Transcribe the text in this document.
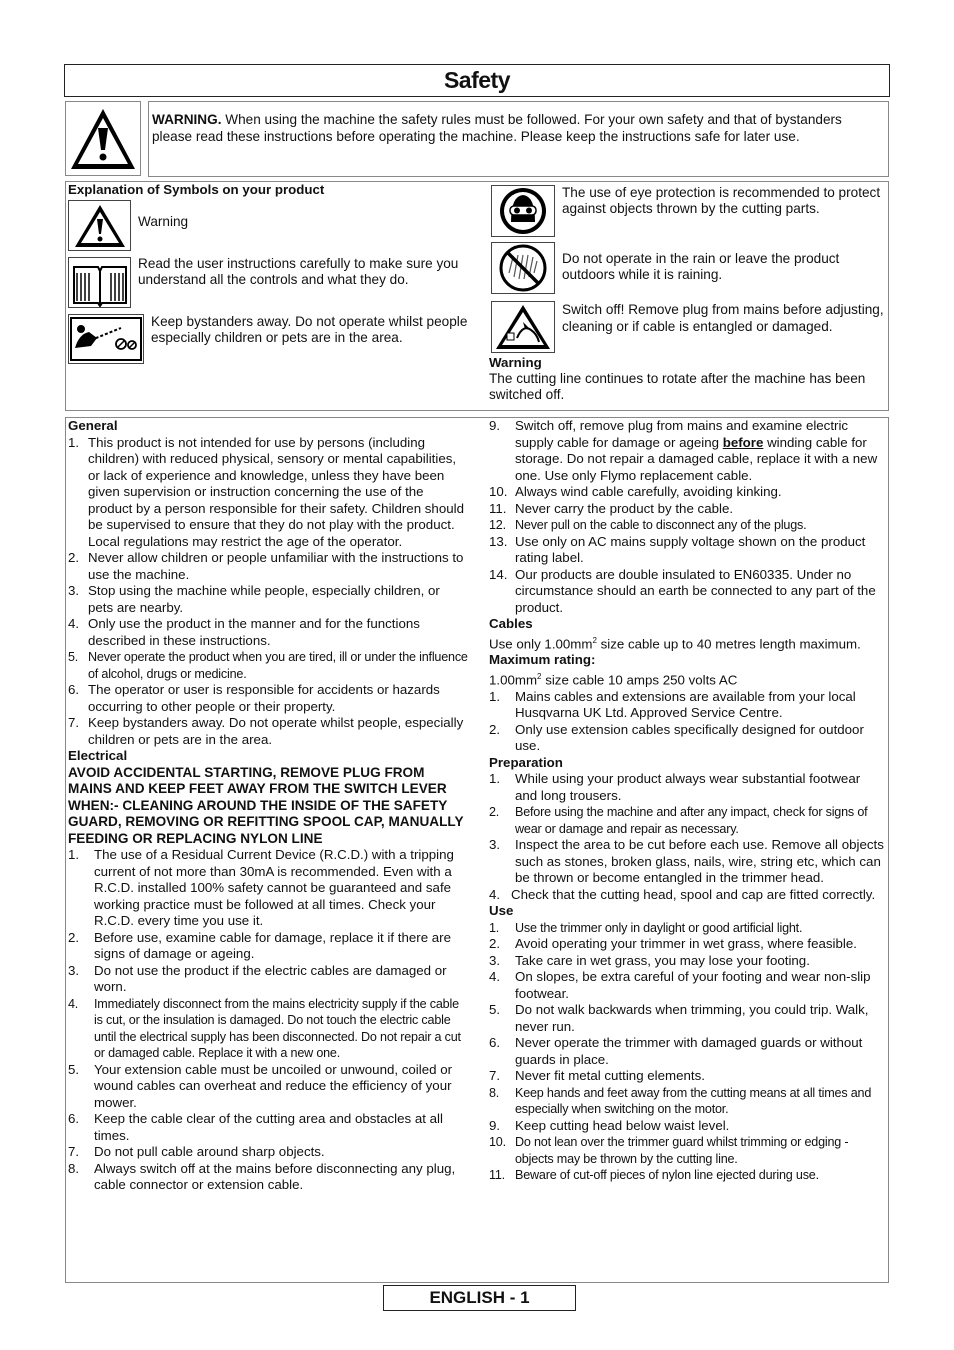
Safety
WARNING. When using the machine the safety rules must be followed. For your own safety and that of bystanders please read these instructions before operating the machine. Please keep the instructions safe for later use.
Explanation of Symbols on your product
Warning
Read the user instructions carefully to make sure you understand all the controls and what they do.
Keep bystanders away. Do not operate whilst people especially children or pets are in the area.
The use of eye protection is recommended to protect against objects thrown by the cutting parts.
Do not operate in the rain or leave the product outdoors while it is raining.
Switch off! Remove plug from mains before adjusting, cleaning or if cable is entangled or damaged.
Warning
The cutting line continues to rotate after the machine has been switched off.
General
1. This product is not intended for use by persons (including children) with reduced physical, sensory or mental capabilities, or lack of experience and knowledge, unless they have been given supervision or instruction concerning the use of the product by a person responsible for their safety. Children should be supervised to ensure that they do not play with the product. Local regulations may restrict the age of the operator.
2. Never allow children or people unfamiliar with the instructions to use the machine.
3. Stop using the machine while people, especially children, or pets are nearby.
4. Only use the product in the manner and for the functions described in these instructions.
5. Never operate the product when you are tired, ill or under the influence of alcohol, drugs or medicine.
6. The operator or user is responsible for accidents or hazards occurring to other people or their property.
7. Keep bystanders away. Do not operate whilst people, especially children or pets are in the area.
Electrical
AVOID ACCIDENTAL STARTING, REMOVE PLUG FROM MAINS AND KEEP FEET AWAY FROM THE SWITCH LEVER WHEN:- CLEANING AROUND THE INSIDE OF THE SAFETY GUARD, REMOVING OR REFITTING SPOOL CAP, MANUALLY FEEDING OR REPLACING NYLON LINE
1.	The use of a Residual Current Device (R.C.D.) with a tripping current of not more than 30mA is recommended. Even with a R.C.D. installed 100% safety cannot be guaranteed and safe working practice must be followed at all times. Check your R.C.D. every time you use it.
2.	Before use, examine cable for damage, replace it if there are signs of damage or ageing.
3.	Do not use the product if the electric cables are damaged or worn.
4.	Immediately disconnect from the mains electricity supply if the cable is cut, or the insulation is damaged. Do not touch the electric cable until the electrical supply has been disconnected. Do not repair a cut or damaged cable. Replace it with a new one.
5.	Your extension cable must be uncoiled or unwound, coiled or wound cables can overheat and reduce the efficiency of your mower.
6.	Keep the cable clear of the cutting area and obstacles at all times.
7.	Do not pull cable around sharp objects.
8.	Always switch off at the mains before disconnecting any plug, cable connector or extension cable.
9.	Switch off, remove plug from mains and examine electric supply cable for damage or ageing before winding cable for storage. Do not repair a damaged cable, replace it with a new one. Use only Flymo replacement cable.
10. Always wind cable carefully, avoiding kinking.
11. Never carry the product by the cable.
12. Never pull on the cable to disconnect any of the plugs.
13. Use only on AC mains supply voltage shown on the product rating label.
14. Our products are double insulated to EN60335. Under no circumstance should an earth be connected to any part of the product.
Cables
Use only $1.00mm^2$ size cable up to 40 metres length maximum.
Maximum rating:
$1.00mm^2$ size cable 10 amps 250 volts AC
1.	Mains cables and extensions are available from your local Husqvarna UK Ltd. Approved Service Centre.
2.	Only use extension cables specifically designed for outdoor use.
Preparation
1.	While using your product always wear substantial footwear and long trousers.
2.	Before using the machine and after any impact, check for signs of wear or damage and repair as necessary.
3.	Inspect the area to be cut before each use. Remove all objects such as stones, broken glass, nails, wire, string etc, which can be thrown or become entangled in the trimmer head.
4. Check that the cutting head, spool and cap are fitted correctly.
Use
1.	Use the trimmer only in daylight or good artificial light.
2.	Avoid operating your trimmer in wet grass, where feasible.
3.	Take care in wet grass, you may lose your footing.
4.	On slopes, be extra careful of your footing and wear non-slip footwear.
5.	Do not walk backwards when trimming, you could trip. Walk, never run.
6.	Never operate the trimmer with damaged guards or without guards in place.
7.	Never fit metal cutting elements.
8.	Keep hands and feet away from the cutting means at all times and especially when switching on the motor.
9.	Keep cutting head below waist level.
10. Do not lean over the trimmer guard whilst trimming or edging - objects may be thrown by the cutting line.
11. Beware of cut-off pieces of nylon line ejected during use.
ENGLISH - 1
